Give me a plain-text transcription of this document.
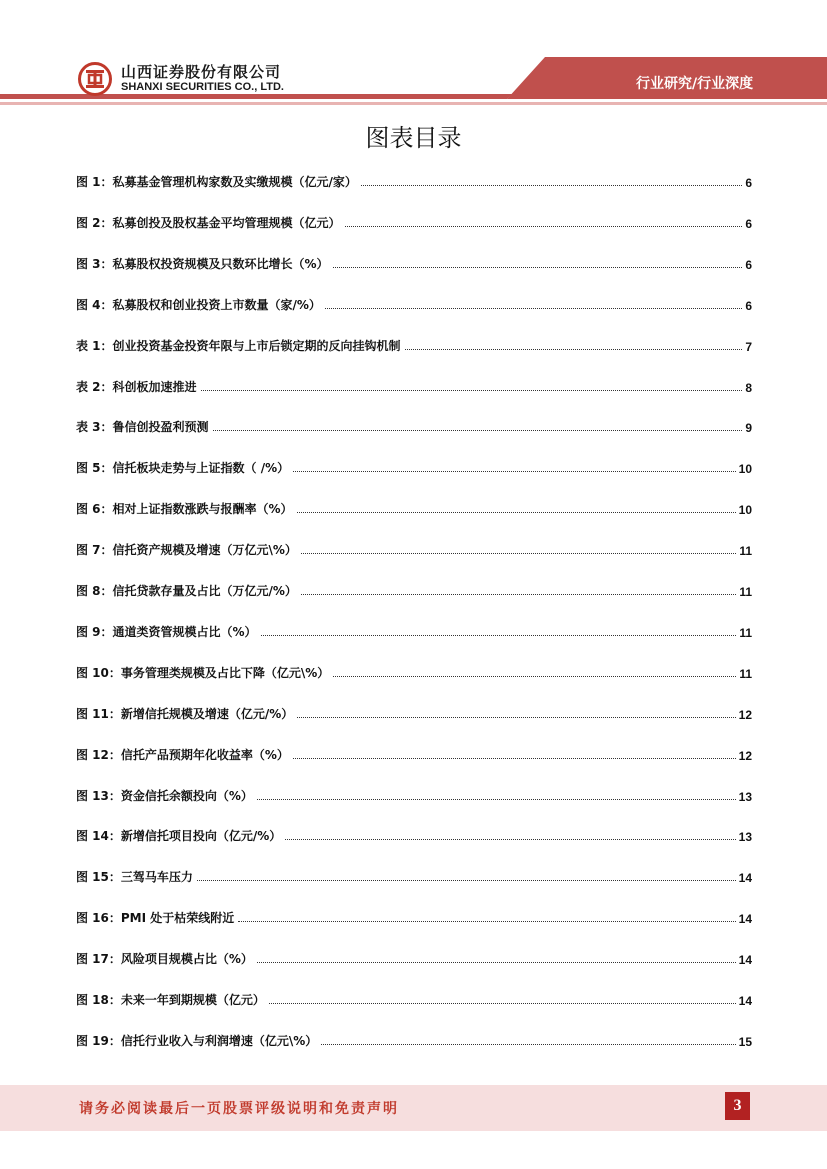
山西证券股份有限公司
SHANXI SECURITIES CO., LTD.	行业研究/行业深度
图表目录
图 1：私募基金管理机构家数及实缴规模（亿元/家）	6
图 2：私募创投及股权基金平均管理规模（亿元）	6
图 3：私募股权投资规模及只数环比增长（%）	6
图 4：私募股权和创业投资上市数量（家/%）	6
表 1：创业投资基金投资年限与上市后锁定期的反向挂钩机制	7
表 2：科创板加速推进	8
表 3：鲁信创投盈利预测	9
图 5：信托板块走势与上证指数（ /%）	10
图 6：相对上证指数涨跌与报酬率（%）	10
图 7：信托资产规模及增速（万亿元\%）	11
图 8：信托贷款存量及占比（万亿元/%）	11
图 9：通道类资管规模占比（%）	11
图 10：事务管理类规模及占比下降（亿元\%）	11
图 11：新增信托规模及增速（亿元/%）	12
图 12：信托产品预期年化收益率（%）	12
图 13：资金信托余额投向（%）	13
图 14：新增信托项目投向（亿元/%）	13
图 15：三驾马车压力	14
图 16：PMI 处于枯荣线附近	14
图 17：风险项目规模占比（%）	14
图 18：未来一年到期规模（亿元）	14
图 19：信托行业收入与利润增速（亿元\%）	15
请务必阅读最后一页股票评级说明和免责声明	3
